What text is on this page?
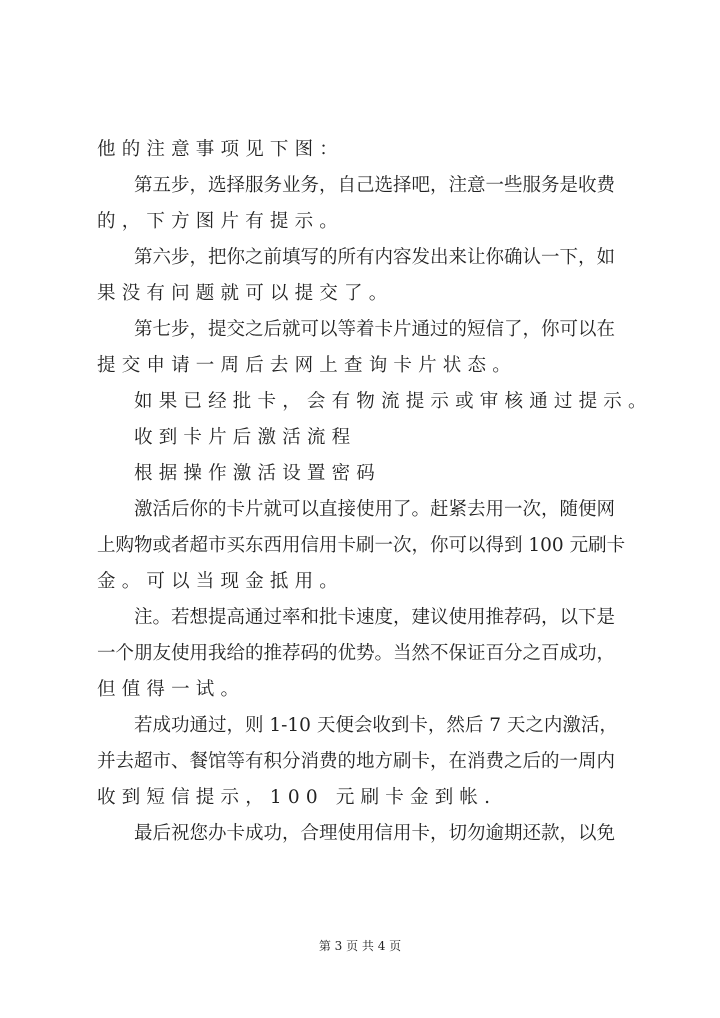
他的注意事项见下图：
第五步，选择服务业务，自己选择吧，注意一些服务是收费
的，下方图片有提示。
第六步，把你之前填写的所有内容发出来让你确认一下，如
果没有问题就可以提交了。
第七步，提交之后就可以等着卡片通过的短信了，你可以在
提交申请一周后去网上查询卡片状态。
如果已经批卡，会有物流提示或审核通过提示。
收到卡片后激活流程
根据操作激活设置密码
激活后你的卡片就可以直接使用了。赶紧去用一次，随便网
上购物或者超市买东西用信用卡刷一次，你可以得到 100 元刷卡
金。可以当现金抵用。
注。若想提高通过率和批卡速度，建议使用推荐码，以下是
一个朋友使用我给的推荐码的优势。当然不保证百分之百成功，
但值得一试。
若成功通过，则 1-10 天便会收到卡，然后 7 天之内激活，
并去超市、餐馆等有积分消费的地方刷卡，在消费之后的一周内
收到短信提示，100 元刷卡金到帐.
最后祝您办卡成功，合理使用信用卡，切勿逾期还款，以免
第 3 页 共 4 页
